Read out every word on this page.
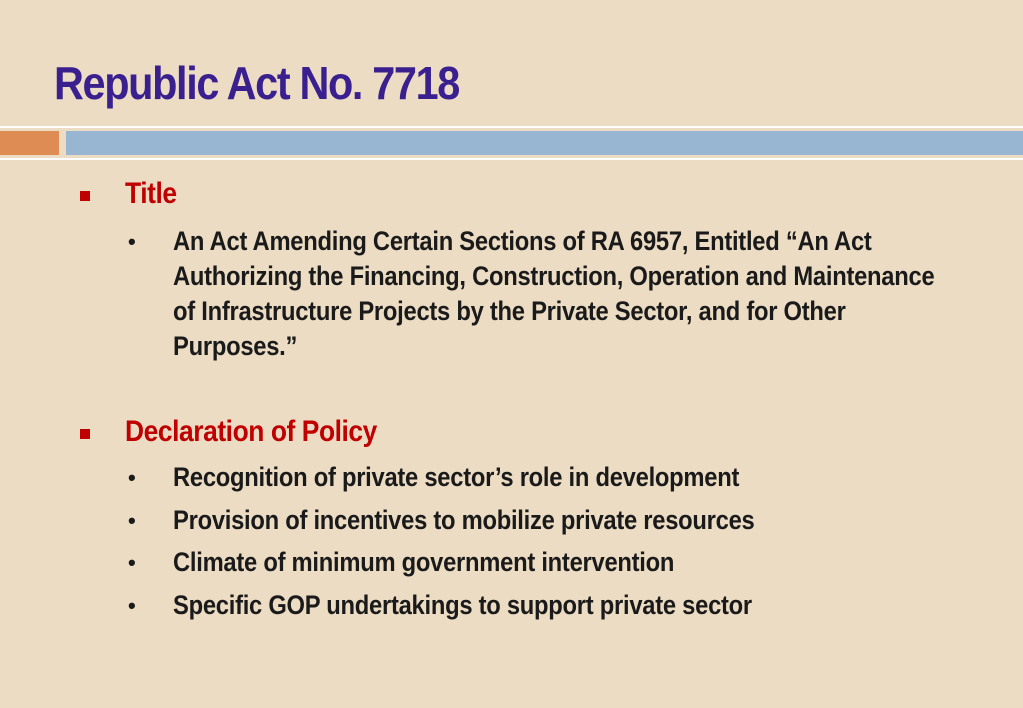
Republic Act No. 7718
Title
• An Act Amending Certain Sections of RA 6957, Entitled “An Act Authorizing the Financing, Construction, Operation and Maintenance of Infrastructure Projects by the Private Sector, and for Other Purposes.”
Declaration of Policy
• Recognition of private sector’s role in development
• Provision of incentives to mobilize private resources
• Climate of minimum government intervention
• Specific GOP undertakings to support private sector
